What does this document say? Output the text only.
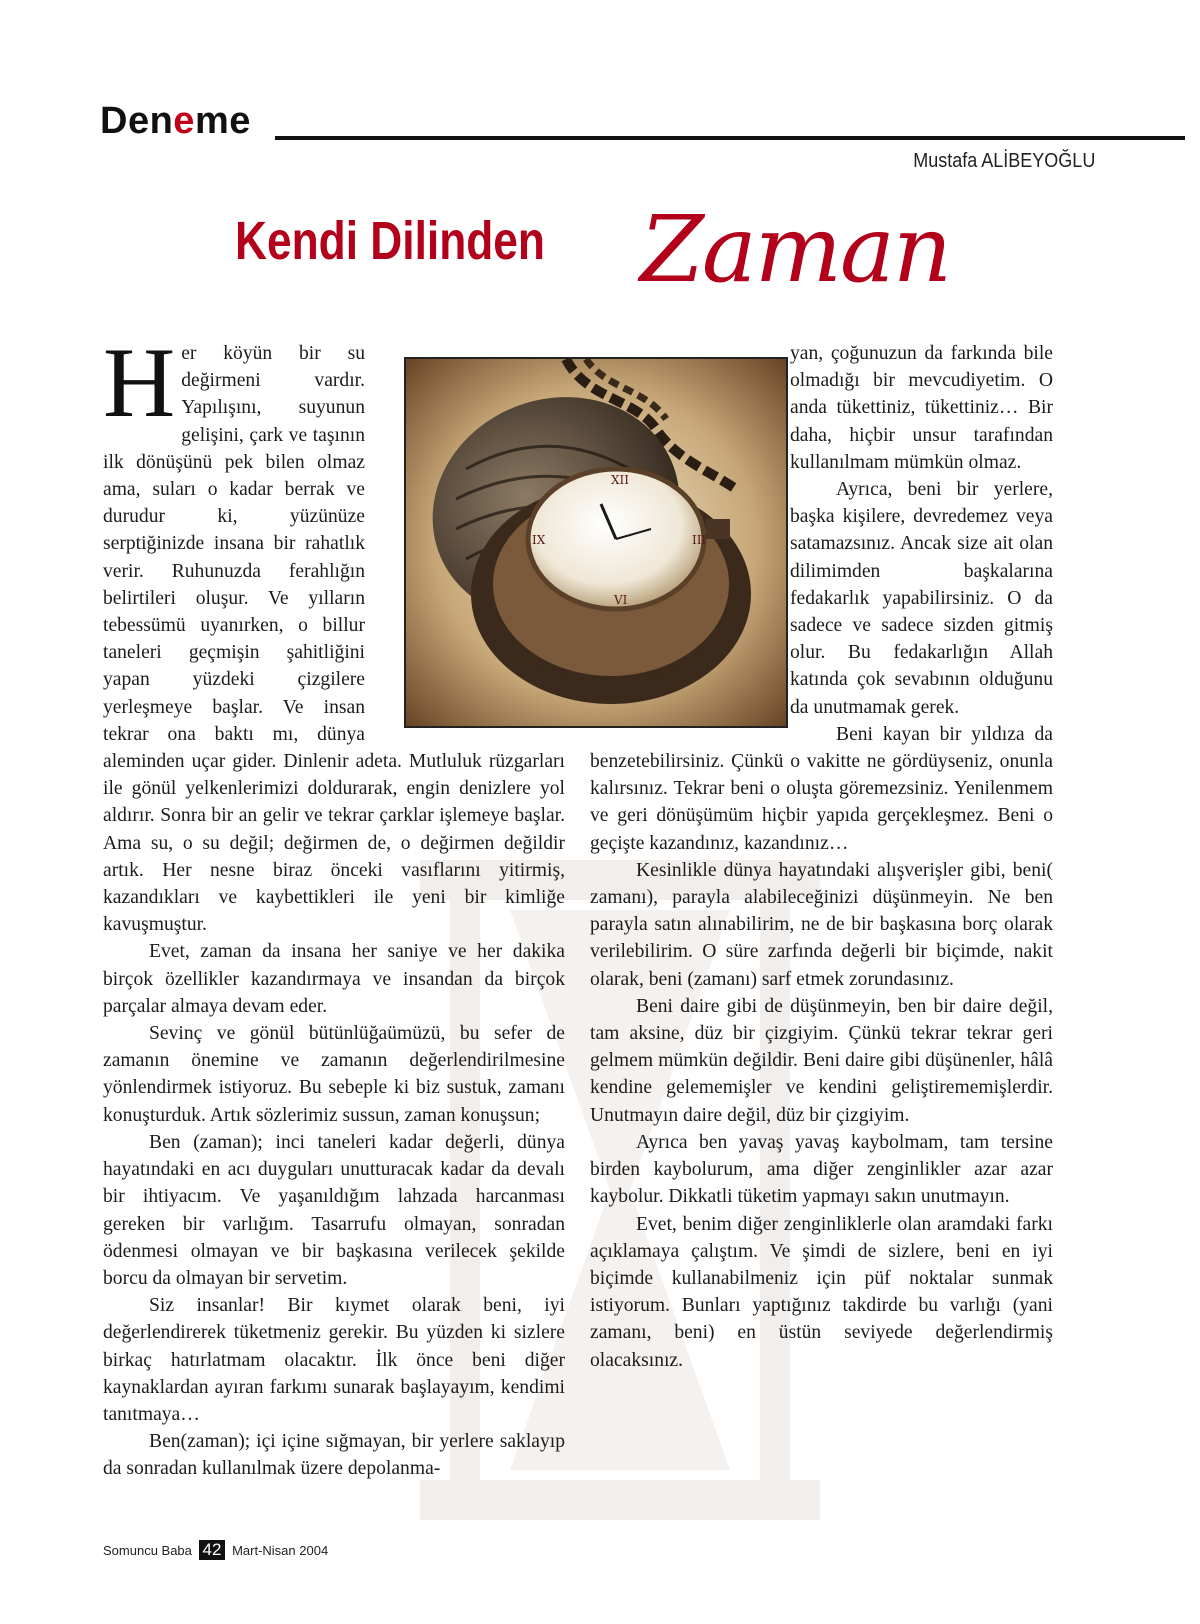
Deneme
Mustafa ALİBEYOĞLU
Kendi Dilinden Zaman
XII
III
VI
IX

Her köyün bir su değirmeni vardır. Yapılışını, suyunun gelişini, çark ve taşının ilk dönüşünü pek bilen olmaz ama, suları o kadar berrak ve durudur ki, yüzünüze serptiğinizde insana bir rahatlık verir. Ruhunuzda ferahlığın belirtileri oluşur. Ve yılların tebessümü uyanırken, o billur taneleri geçmişin şahitliğini yapan yüzdeki çizgilere yerleşmeye başlar. Ve insan tekrar ona baktı mı, dünya aleminden uçar gider. Dinlenir adeta. Mutluluk rüzgarları ile gönül yelkenlerimizi doldurarak, engin denizlere yol aldırır. Sonra bir an gelir ve tekrar çarklar işlemeye başlar. Ama su, o su değil; değirmen de, o değirmen değildir artık. Her nesne biraz önceki vasıflarını yitirmiş, kazandıkları ve kaybettikleri ile yeni bir kimliğe kavuşmuştur.

Evet, zaman da insana her saniye ve her dakika birçok özellikler kazandırmaya ve insandan da birçok parçalar almaya devam eder.

Sevinç ve gönül bütünlüğaümüzü, bu sefer de zamanın önemine ve zamanın değerlendirilmesine yönlendirmek istiyoruz. Bu sebeple ki biz sustuk, zamanı konuşturduk. Artık sözlerimiz sussun, zaman konuşsun;

Ben (zaman); inci taneleri kadar değerli, dünya hayatındaki en acı duyguları unutturacak kadar da devalı bir ihtiyacım. Ve yaşanıldığım lahzada harcanması gereken bir varlığım. Tasarrufu olmayan, sonradan ödenmesi olmayan ve bir başkasına verilecek şekilde borcu da olmayan bir servetim.

Siz insanlar! Bir kıymet olarak beni, iyi değerlendirerek tüketmeniz gerekir. Bu yüzden ki sizlere birkaç hatırlatmam olacaktır. İlk önce beni diğer kaynaklardan ayıran farkımı sunarak başlayayım, kendimi tanıtmaya…

Ben(zaman); içi içine sığmayan, bir yerlere saklayıp da sonradan kullanılmak üzere depolanma-

yan, çoğunuzun da farkında bile olmadığı bir mevcudiyetim. O anda tükettiniz, tükettiniz… Bir daha, hiçbir unsur tarafından kullanılmam mümkün olmaz.

Ayrıca, beni bir yerlere, başka kişilere, devredemez veya satamazsınız. Ancak size ait olan dilimimden başkalarına fedakarlık yapabilirsiniz. O da sadece ve sadece sizden gitmiş olur. Bu fedakarlığın Allah katında çok sevabının olduğunu da unutmamak gerek.

Beni kayan bir yıldıza da benzetebilirsiniz. Çünkü o vakitte ne gördüyseniz, onunla kalırsınız. Tekrar beni o oluşta göremezsiniz. Yenilenmem ve geri dönüşümüm hiçbir yapıda gerçekleşmez. Beni o geçişte kazandınız, kazandınız…

Kesinlikle dünya hayatındaki alışverişler gibi, beni( zamanı), parayla alabileceğinizi düşünmeyin. Ne ben parayla satın alınabilirim, ne de bir başkasına borç olarak verilebilirim. O süre zarfında değerli bir biçimde, nakit olarak, beni (zamanı) sarf etmek zorundasınız.

Beni daire gibi de düşünmeyin, ben bir daire değil, tam aksine, düz bir çizgiyim. Çünkü tekrar tekrar geri gelmem mümkün değildir. Beni daire gibi düşünenler, hâlâ kendine gelememişler ve kendini geliştirememişlerdir. Unutmayın daire değil, düz bir çizgiyim.

Ayrıca ben yavaş yavaş kaybolmam, tam tersine birden kaybolurum, ama diğer zenginlikler azar azar kaybolur. Dikkatli tüketim yapmayı sakın unutmayın.

Evet, benim diğer zenginliklerle olan aramdaki farkı açıklamaya çalıştım. Ve şimdi de sizlere, beni en iyi biçimde kullanabilmeniz için püf noktalar sunmak istiyorum. Bunları yaptığınız takdirde bu varlığı (yani zamanı, beni) en üstün seviyede değerlendirmiş olacaksınız.

Somuncu Baba 42 Mart-Nisan 2004
